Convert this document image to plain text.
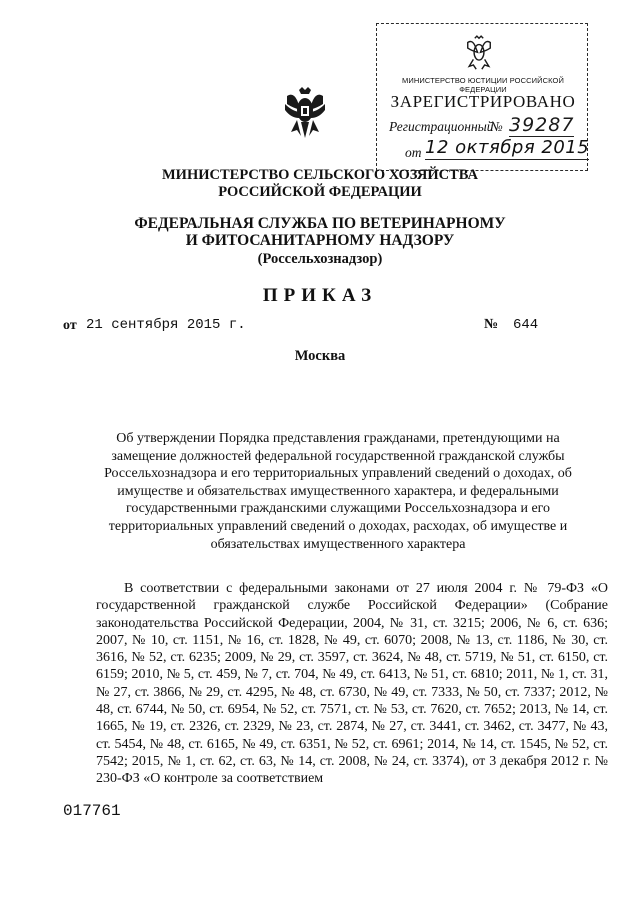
МИНИСТЕРСТВО ЮСТИЦИИ РОССИЙСКОЙ ФЕДЕРАЦИИ
ЗАРЕГИСТРИРОВАНО
Регистрационный
№ 39287
от 12 октября 2015
МИНИСТЕРСТВО СЕЛЬСКОГО ХОЗЯЙСТВА
РОССИЙСКОЙ ФЕДЕРАЦИИ
ФЕДЕРАЛЬНАЯ СЛУЖБА ПО ВЕТЕРИНАРНОМУ
И ФИТОСАНИТАРНОМУ НАДЗОРУ
(Россельхознадзор)
ПРИКАЗ
от 21 сентября 2015 г.	№ 644
Москва
Об утверждении Порядка представления гражданами, претендующими на замещение должностей федеральной государственной гражданской службы Россельхознадзора и его территориальных управлений сведений о доходах, об имуществе и обязательствах имущественного характера, и федеральными государственными гражданскими служащими Россельхознадзора и его территориальных управлений сведений о доходах, расходах, об имуществе и обязательствах имущественного характера

В соответствии с федеральными законами от 27 июля 2004 г. № 79-ФЗ «О государственной гражданской службе Российской Федерации» (Собрание законодательства Российской Федерации, 2004, № 31, ст. 3215; 2006, № 6, ст. 636; 2007, № 10, ст. 1151, № 16, ст. 1828, № 49, ст. 6070; 2008, № 13, ст. 1186, № 30, ст. 3616, № 52, ст. 6235; 2009, № 29, ст. 3597, ст. 3624, № 48, ст. 5719, № 51, ст. 6150, ст. 6159; 2010, № 5, ст. 459, № 7, ст. 704, № 49, ст. 6413, № 51, ст. 6810; 2011, № 1, ст. 31, № 27, ст. 3866, № 29, ст. 4295, № 48, ст. 6730, № 49, ст. 7333, № 50, ст. 7337; 2012, № 48, ст. 6744, № 50, ст. 6954, № 52, ст. 7571, ст. № 53, ст. 7620, ст. 7652; 2013, № 14, ст. 1665, № 19, ст. 2326, ст. 2329, № 23, ст. 2874, № 27, ст. 3441, ст. 3462, ст. 3477, № 43, ст. 5454, № 48, ст. 6165, № 49, ст. 6351, № 52, ст. 6961; 2014, № 14, ст. 1545, № 52, ст. 7542; 2015, № 1, ст. 62, ст. 63, № 14, ст. 2008, № 24, ст. 3374), от 3 декабря 2012 г. № 230-ФЗ «О контроле за соответствием

017761
